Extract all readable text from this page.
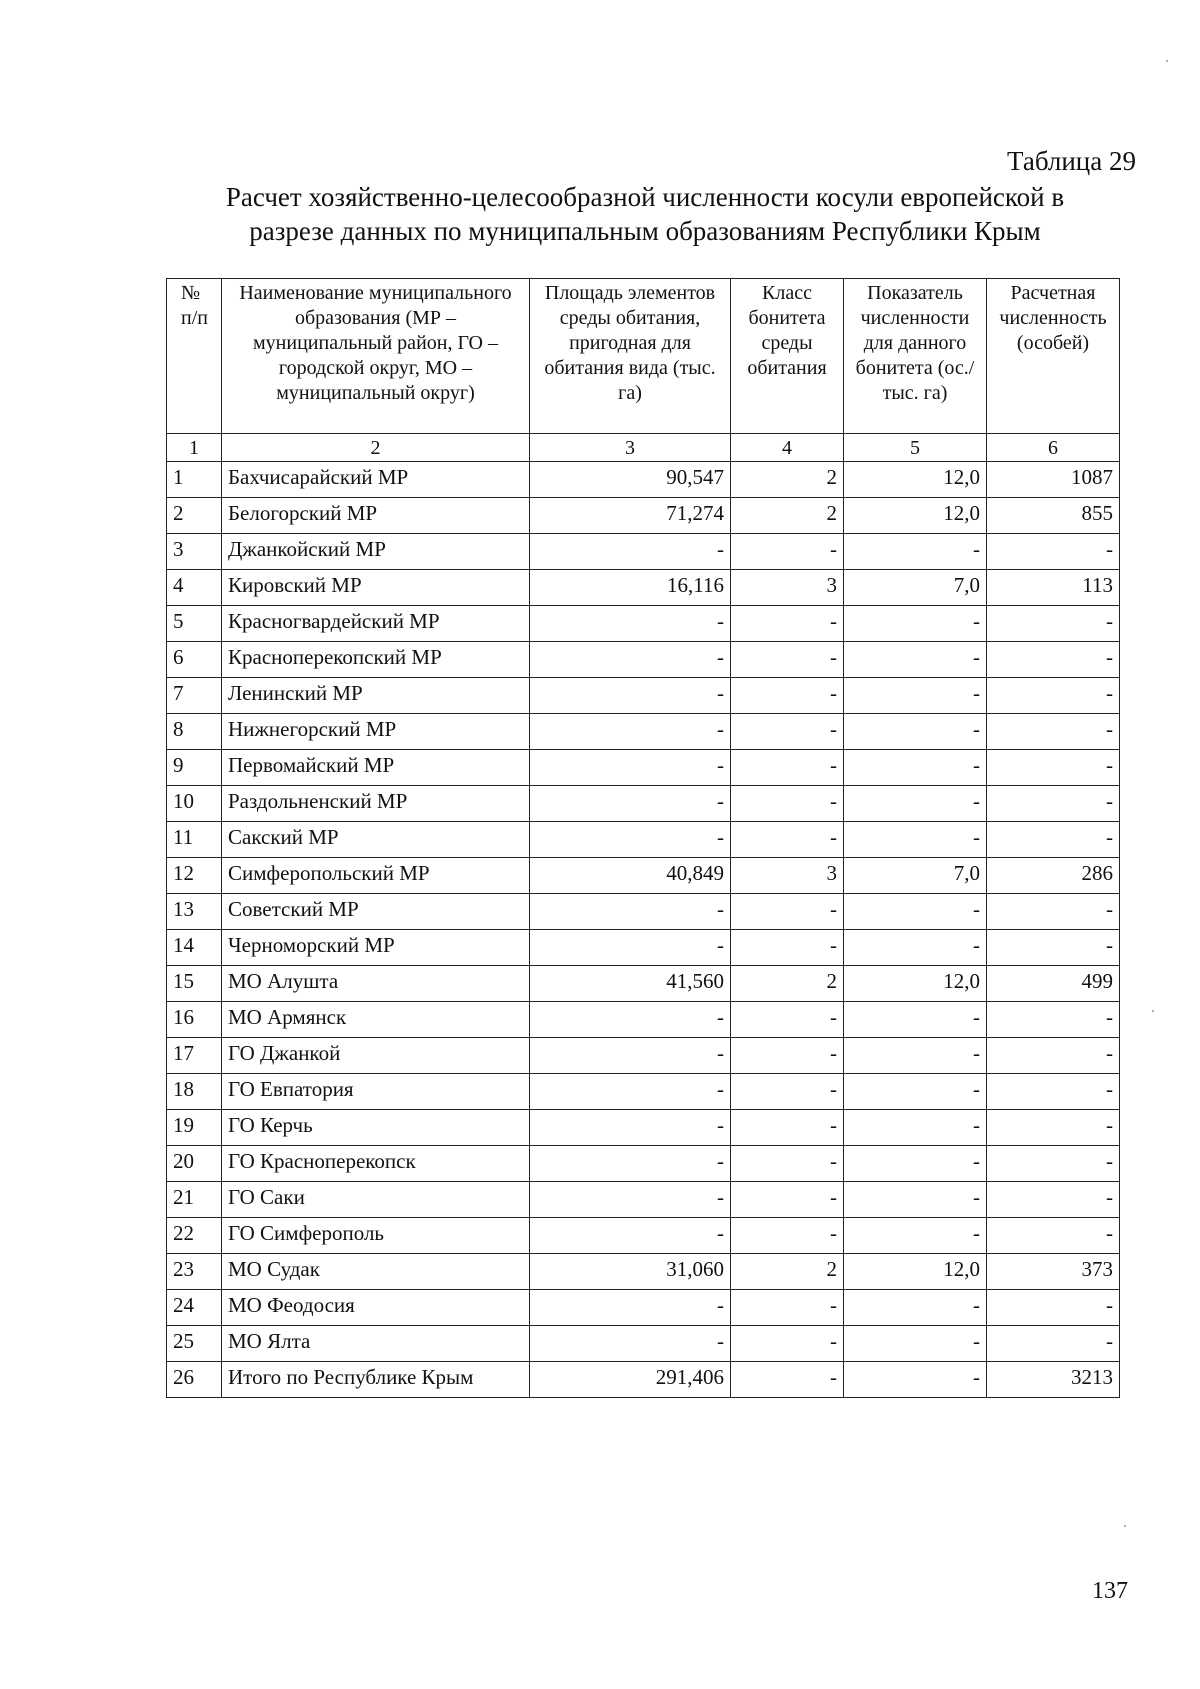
Таблица 29
Расчет хозяйственно-целесообразной численности косули европейской в
разрезе данных по муниципальным образованиям Республики Крым
№ п/п	Наименование муниципального образования (МР – муниципальный район, ГО – городской округ, МО – муниципальный округ)	Площадь элементов среды обитания, пригодная для обитания вида (тыс. га)	Класс бонитета среды обитания	Показатель численности для данного бонитета (ос./тыс. га)	Расчетная численность (особей)
1	2	3	4	5	6
1	Бахчисарайский МР	90,547	2	12,0	1087
2	Белогорский МР	71,274	2	12,0	855
3	Джанкойский МР	-	-	-	-
4	Кировский МР	16,116	3	7,0	113
5	Красногвардейский МР	-	-	-	-
6	Красноперекопский МР	-	-	-	-
7	Ленинский МР	-	-	-	-
8	Нижнегорский МР	-	-	-	-
9	Первомайский МР	-	-	-	-
10	Раздольненский МР	-	-	-	-
11	Сакский МР	-	-	-	-
12	Симферопольский МР	40,849	3	7,0	286
13	Советский МР	-	-	-	-
14	Черноморский МР	-	-	-	-
15	МО Алушта	41,560	2	12,0	499
16	МО Армянск	-	-	-	-
17	ГО Джанкой	-	-	-	-
18	ГО Евпатория	-	-	-	-
19	ГО Керчь	-	-	-	-
20	ГО Красноперекопск	-	-	-	-
21	ГО Саки	-	-	-	-
22	ГО Симферополь	-	-	-	-
23	МО Судак	31,060	2	12,0	373
24	МО Феодосия	-	-	-	-
25	МО Ялта	-	-	-	-
26	Итого по Республике Крым	291,406	-	-	3213
137
